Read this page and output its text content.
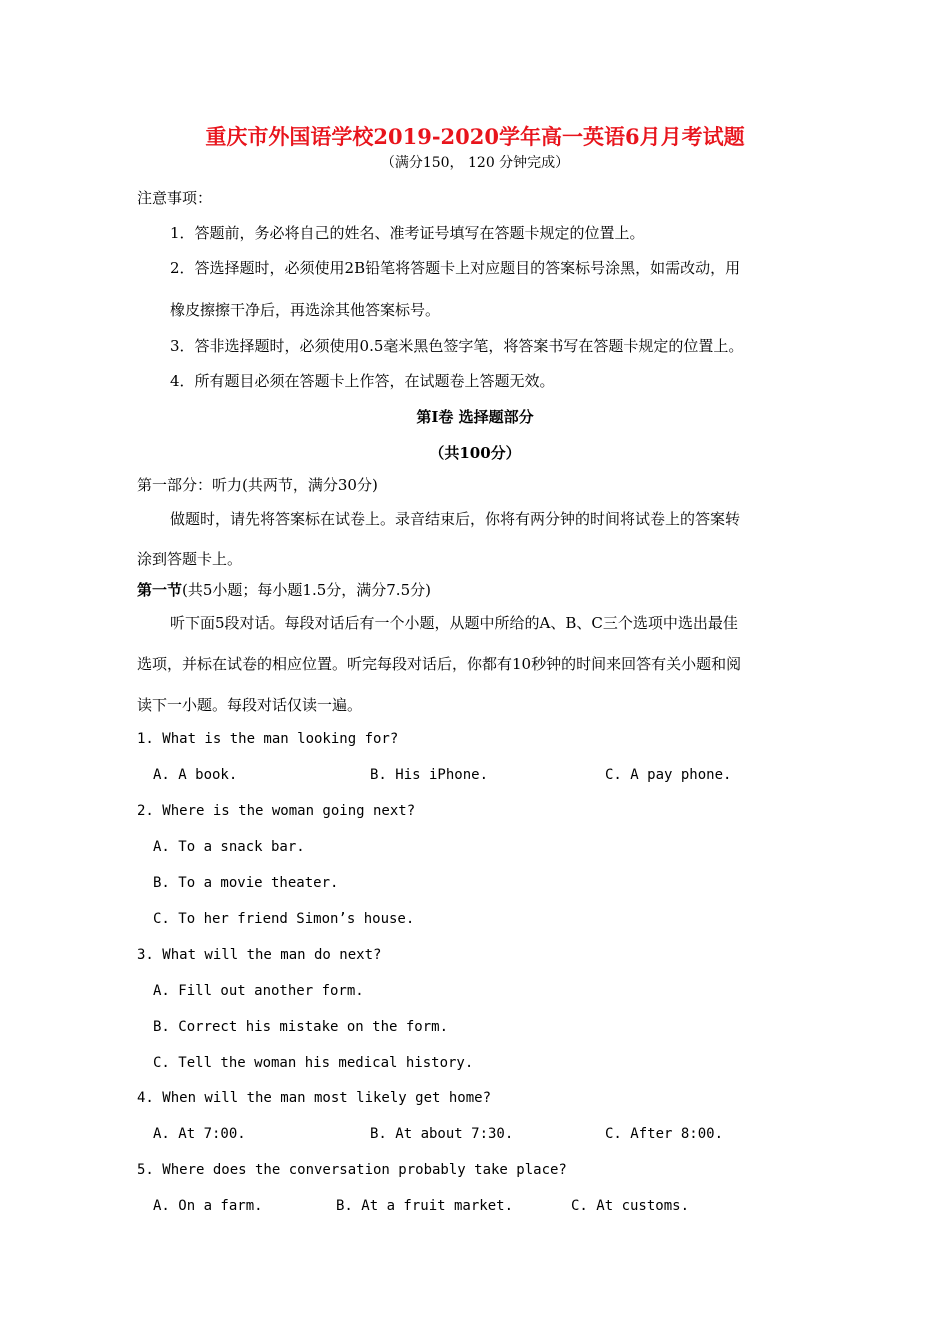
重庆市外国语学校2019-2020学年高一英语6月月考试题
（满分150， 120 分钟完成）
注意事项：
1．答题前，务必将自己的姓名、准考证号填写在答题卡规定的位置上。
2．答选择题时，必须使用2B铅笔将答题卡上对应题目的答案标号涂黑，如需改动，用
橡皮擦擦干净后，再选涂其他答案标号。
3．答非选择题时，必须使用0.5毫米黑色签字笔，将答案书写在答题卡规定的位置上。
4．所有题目必须在答题卡上作答，在试题卷上答题无效。
第Ⅰ卷 选择题部分
（共100分）
第一部分：听力(共两节，满分30分)
做题时，请先将答案标在试卷上。录音结束后，你将有两分钟的时间将试卷上的答案转
涂到答题卡上。
第一节(共5小题；每小题1.5分，满分7.5分)
听下面5段对话。每段对话后有一个小题，从题中所给的A、B、C三个选项中选出最佳
选项，并标在试卷的相应位置。听完每段对话后，你都有10秒钟的时间来回答有关小题和阅
读下一小题。每段对话仅读一遍。
1. What is the man looking for?
A. A book.	B. His iPhone.	C. A pay phone.
2. Where is the woman going next?
A. To a snack bar.
B. To a movie theater.
C. To her friend Simon’s house.
3. What will the man do next?
A. Fill out another form.
B. Correct his mistake on the form.
C. Tell the woman his medical history.
4. When will the man most likely get home?
A. At 7:00.	B. At about 7:30.	C. After 8:00.
5. Where does the conversation probably take place?
A. On a farm.	B. At a fruit market.	C. At customs.
